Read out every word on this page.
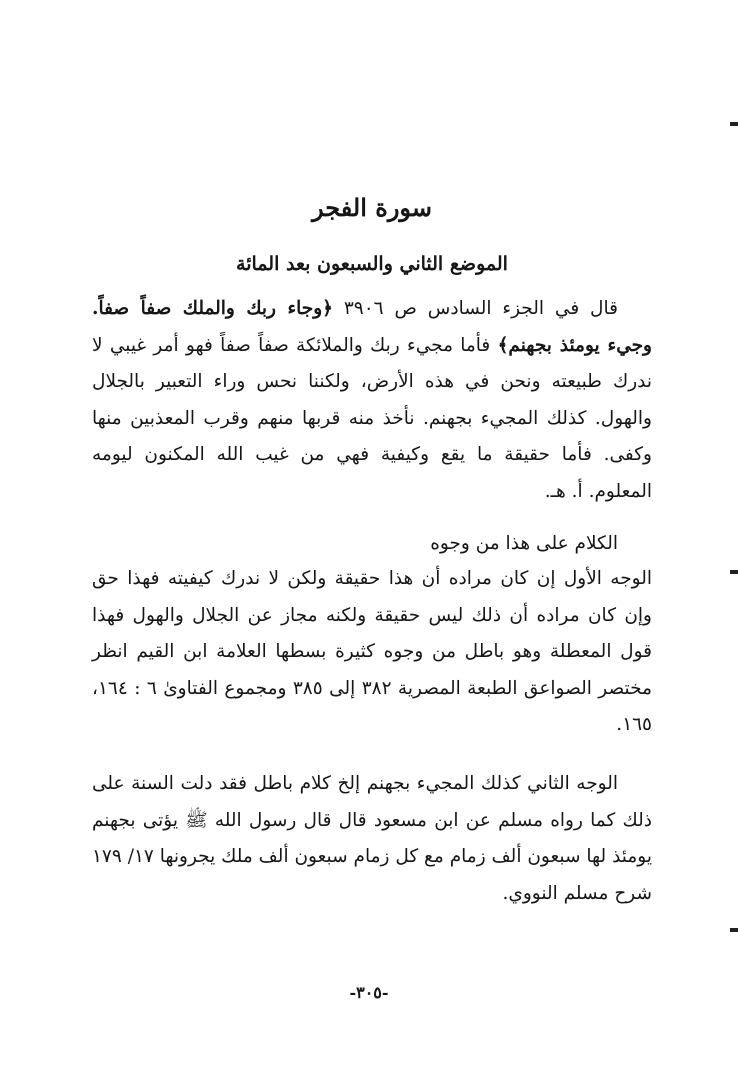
سورة الفجر
الموضع الثاني والسبعون بعد المائة

قال في الجزء السادس ص ٣٩٠٦ ﴿وجاء ربك والملك صفاً صفاً. وجيء يومئذ بجهنم﴾ فأما مجيء ربك والملائكة صفاً صفاً فهو أمر غيبي لا ندرك طبيعته ونحن في هذه الأرض، ولكننا نحس وراء التعبير بالجلال والهول. كذلك المجيء بجهنم. نأخذ منه قربها منهم وقرب المعذبين منها وكفى. فأما حقيقة ما يقع وكيفية فهي من غيب الله المكنون ليومه المعلوم. أ. هـ.

الكلام على هذا من وجوه

الوجه الأول إن كان مراده أن هذا حقيقة ولكن لا ندرك كيفيته فهذا حق وإن كان مراده أن ذلك ليس حقيقة ولكنه مجاز عن الجلال والهول فهذا قول المعطلة وهو باطل من وجوه كثيرة بسطها العلامة ابن القيم انظر مختصر الصواعق الطبعة المصرية ٣٨٢ إلى ٣٨٥ ومجموع الفتاوىٰ ٦ : ١٦٤، ١٦٥.

الوجه الثاني كذلك المجيء بجهنم إلخ كلام باطل فقد دلت السنة على ذلك كما رواه مسلم عن ابن مسعود قال قال رسول الله ﷺ يؤتى بجهنم يومئذ لها سبعون ألف زمام مع كل زمام سبعون ألف ملك يجرونها ١٧/ ١٧٩ شرح مسلم النووي.

-٣٠٥-
